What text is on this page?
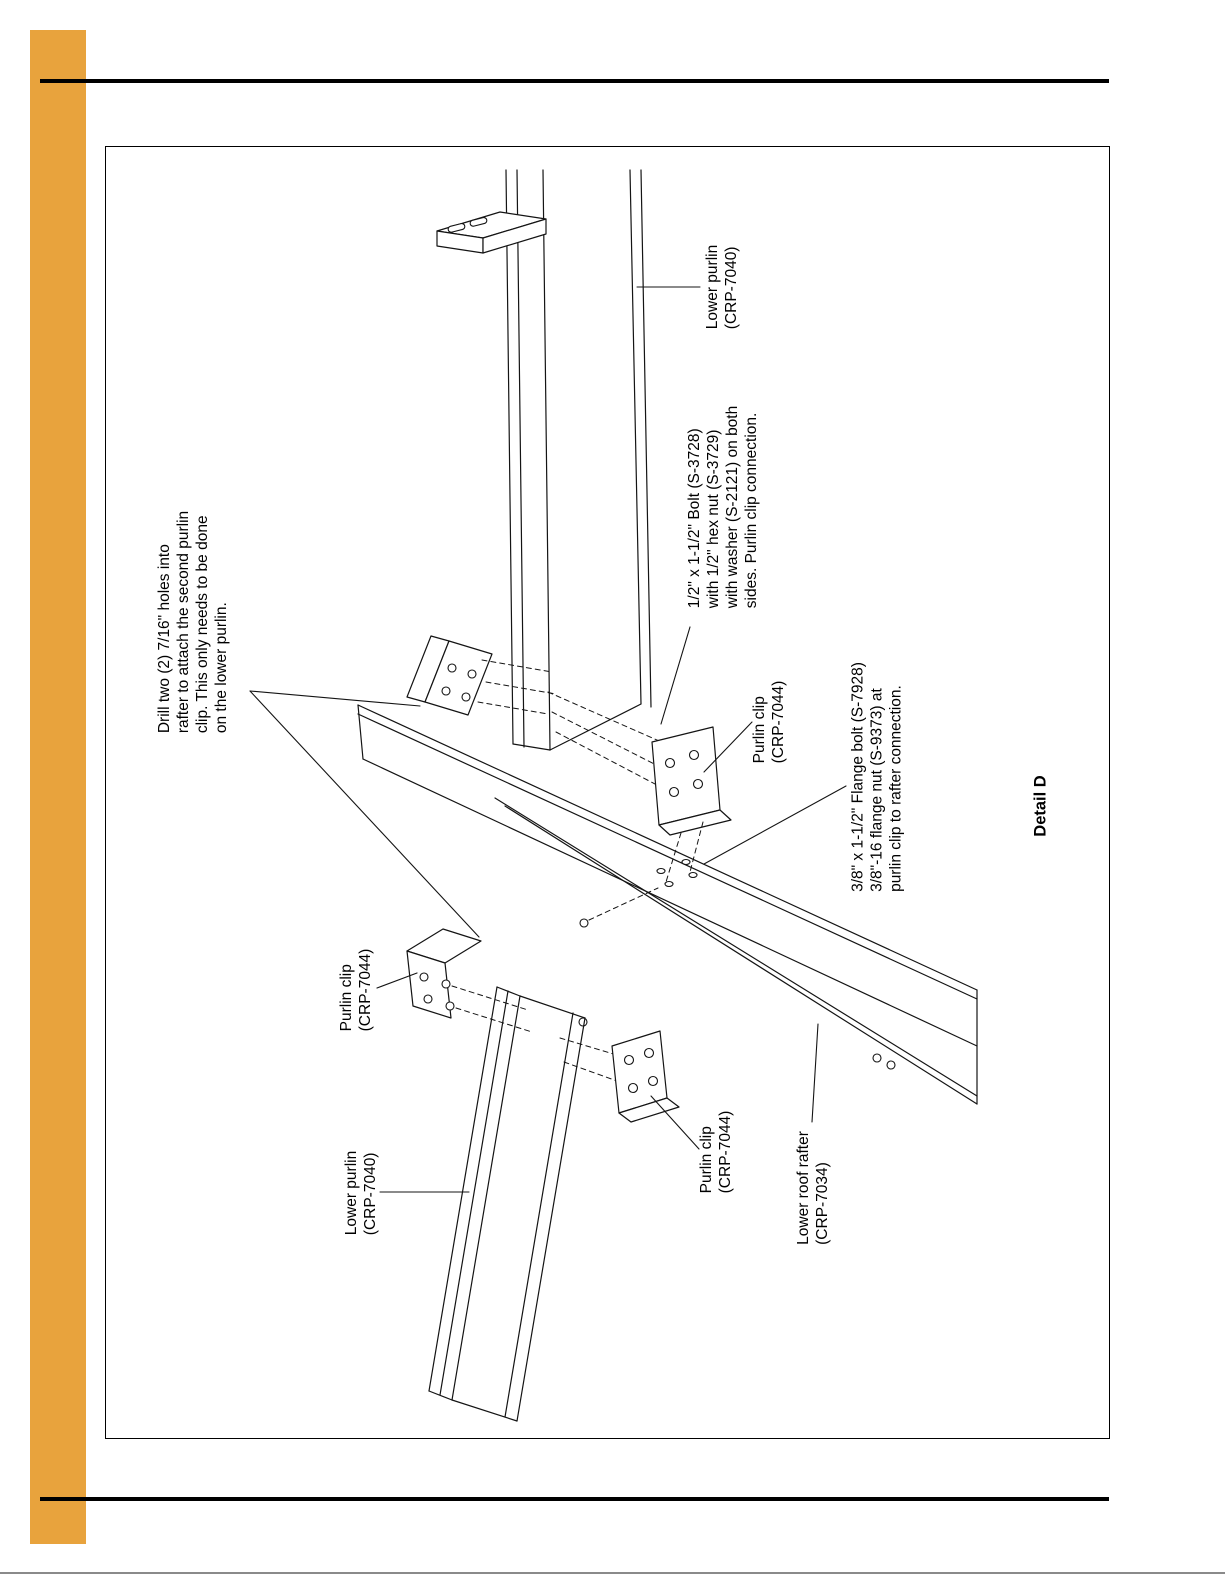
Lower purlin (CRP-7040)
1/2" x 1-1/2" Bolt (S-3728) with 1/2" hex nut (S-3729) with washer (S-2121) on both sides. Purlin clip connection.
Drill two (2) 7/16" holes into rafter to attach the second purlin clip. This only needs to be done on the lower purlin.	Purlin clip (CRP-7044)	3/8" x 1-1/2" Flange bolt (S-7928) 3/8"-16 flange nut (S-9373) at purlin clip to rafter connection.	Detail D
Purlin clip (CRP-7044)
Purlin clip (CRP-7044)
Lower purlin (CRP-7040)	Lower roof rafter (CRP-7034)
